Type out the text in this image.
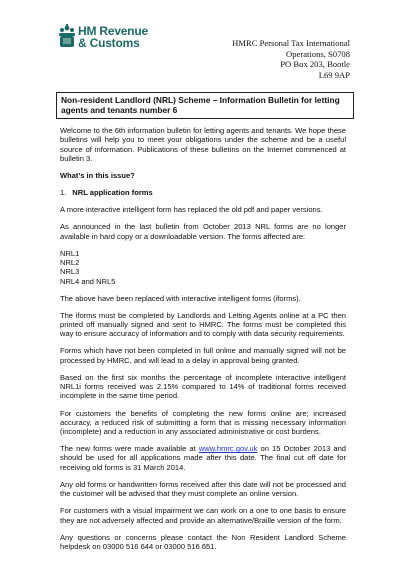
HM Revenue
& Customs	HMRC Personal Tax International
Operations, S0708
PO Box 203, Bootle
L69 9AP
Non-resident Landlord (NRL) Scheme – Information Bulletin for letting agents and tenants number 6

Welcome to the 6th information bulletin for letting agents and tenants. We hope these bulletins will help you to meet your obligations under the scheme and be a useful source of information. Publications of these bulletins on the Internet commenced at bulletin 3.

What’s in this issue?

1. NRL application forms

A more interactive intelligent form has replaced the old pdf and paper versions.

As announced in the last bulletin from October 2013 NRL forms are no longer available in hard copy or a downloadable version. The forms affected are:

NRL1
NRL2
NRL3
NRL4 and NRL5

The above have been replaced with interactive intelligent forms (iforms).

The iforms must be completed by Landlords and Letting Agents online at a PC then printed off manually signed and sent to HMRC. The forms must be completed this way to ensure accuracy of information and to comply with data security requirements.

Forms which have not been completed in full online and manually signed will not be processed by HMRC, and will lead to a delay in approval being granted.

Based on the first six months the percentage of incomplete interactive intelligent NRL1i forms received was 2.15% compared to 14% of traditional forms received incomplete in the same time period.

For customers the benefits of completing the new forms online are; increased accuracy, a reduced risk of submitting a form that is missing necessary information (incomplete) and a reduction in any associated administrative or cost burdens.

The new forms were made available at www.hmrc.gov.uk on 15 October 2013 and should be used for all applications made after this date. The final cut off date for receiving old forms is 31 March 2014.

Any old forms or handwritten forms received after this date will not be processed and the customer will be advised that they must complete an online version.

For customers with a visual impairment we can work on a one to one basis to ensure they are not adversely affected and provide an alternative/Braille version of the form.

Any questions or concerns please contact the Non Resident Landlord Scheme helpdesk on 03000 516 644 or 03000 516 651.
